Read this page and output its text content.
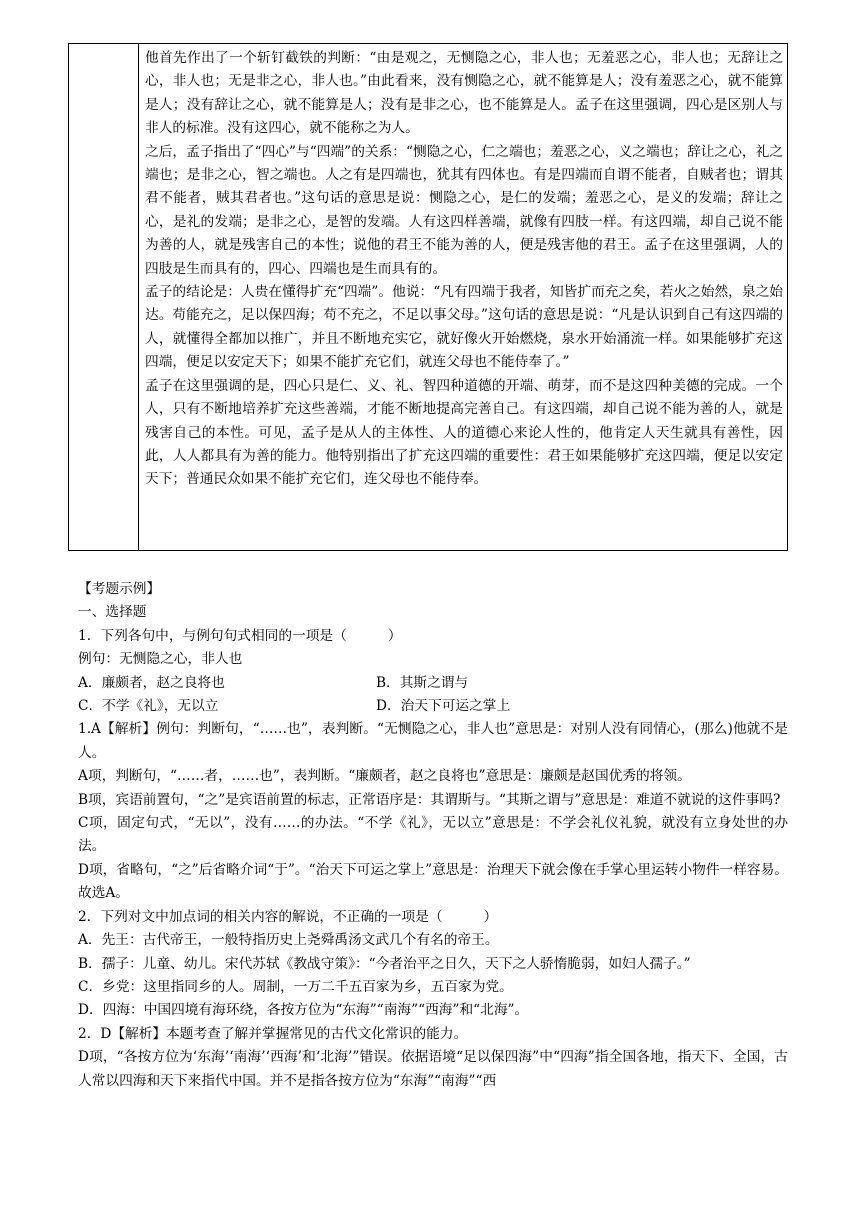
他首先作出了一个斩钉截铁的判断：“由是观之，无恻隐之心，非人也；无羞恶之心，非人也；无辞让之心，非人也；无是非之心，非人也。”由此看来，没有恻隐之心，就不能算是人；没有羞恶之心，就不能算是人；没有辞让之心，就不能算是人；没有是非之心，也不能算是人。孟子在这里强调，四心是区别人与非人的标准。没有这四心，就不能称之为人。

之后，孟子指出了“四心”与“四端”的关系：“恻隐之心，仁之端也；羞恶之心，义之端也；辞让之心，礼之端也；是非之心，智之端也。人之有是四端也，犹其有四体也。有是四端而自谓不能者，自贼者也；谓其君不能者，贼其君者也。”这句话的意思是说：恻隐之心，是仁的发端；羞恶之心，是义的发端；辞让之心，是礼的发端；是非之心，是智的发端。人有这四样善端，就像有四肢一样。有这四端，却自己说不能为善的人，就是残害自己的本性；说他的君王不能为善的人，便是残害他的君王。孟子在这里强调，人的四肢是生而具有的，四心、四端也是生而具有的。

孟子的结论是：人贵在懂得扩充“四端”。他说：“凡有四端于我者，知皆扩而充之矣，若火之始然，泉之始达。苟能充之，足以保四海；苟不充之，不足以事父母。”这句话的意思是说：“凡是认识到自己有这四端的人，就懂得全都加以推广，并且不断地充实它，就好像火开始燃烧，泉水开始涌流一样。如果能够扩充这四端，便足以安定天下；如果不能扩充它们，就连父母也不能侍奉了。”

孟子在这里强调的是，四心只是仁、义、礼、智四种道德的开端、萌芽，而不是这四种美德的完成。一个人，只有不断地培养扩充这些善端，才能不断地提高完善自己。有这四端，却自己说不能为善的人，就是残害自己的本性。可见，孟子是从人的主体性、人的道德心来论人性的，他肯定人天生就具有善性，因此，人人都具有为善的能力。他特别指出了扩充这四端的重要性：君王如果能够扩充这四端，便足以安定天下；普通民众如果不能扩充它们，连父母也不能侍奉。

【考题示例】

一、选择题

1．下列各句中，与例句句式相同的一项是（　　　）

例句：无恻隐之心，非人也

A．廉颇者，赵之良将也	B．其斯之谓与

C．不学《礼》，无以立	D．治天下可运之掌上

1.A【解析】例句：判断句，“……也”，表判断。“无恻隐之心，非人也”意思是：对别人没有同情心，(那么)他就不是人。

A项，判断句，“……者，……也”，表判断。“廉颇者，赵之良将也”意思是：廉颇是赵国优秀的将领。

B项，宾语前置句，“之”是宾语前置的标志，正常语序是：其谓斯与。“其斯之谓与”意思是：难道不就说的这件事吗?

C项，固定句式，“无以”，没有……的办法。“不学《礼》，无以立”意思是：不学会礼仪礼貌，就没有立身处世的办法。

D项，省略句，“之”后省略介词“于”。“治天下可运之掌上”意思是：治理天下就会像在手掌心里运转小物件一样容易。

故选A。

2．下列对文中加点词的相关内容的解说，不正确的一项是（　　　）

A．先王：古代帝王，一般特指历史上尧舜禹汤文武几个有名的帝王。

B．孺子：儿童、幼儿。宋代苏轼《教战守策》：“今者治平之日久，天下之人骄惰脆弱，如妇人孺子。”

C．乡党：这里指同乡的人。周制，一万二千五百家为乡，五百家为党。

D．四海：中国四境有海环绕，各按方位为“东海”“南海”“西海”和“北海”。

2．D【解析】本题考查了解并掌握常见的古代文化常识的能力。

D项，“各按方位为‘东海’‘南海’‘西海’和‘北海’”错误。依据语境“足以保四海”中“四海”指全国各地，指天下、全国，古人常以四海和天下来指代中国。并不是指各按方位为“东海”“南海”“西
